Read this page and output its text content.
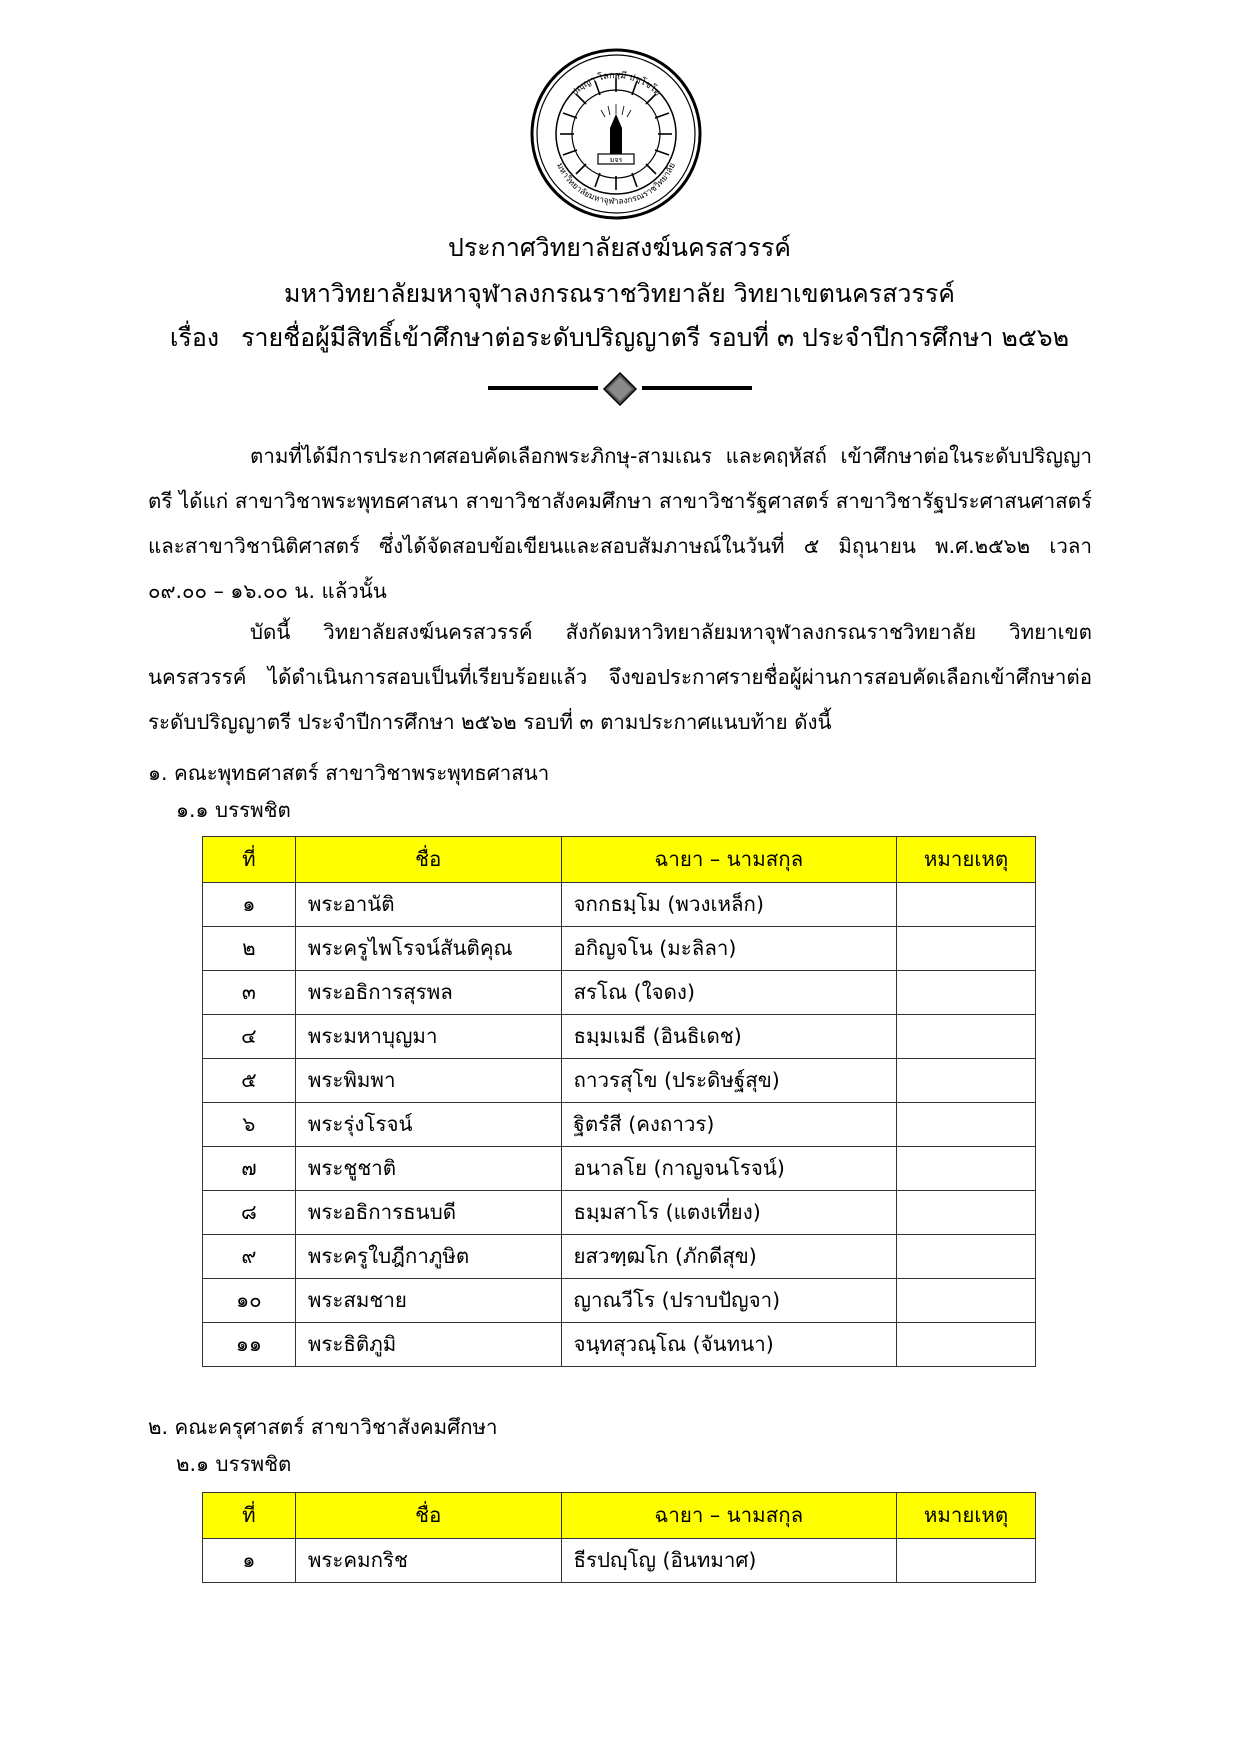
มจร
ปญฺญา โลกสฺมึ ปชฺโชโต
มหาวิทยาลัยมหาจุฬาลงกรณราชวิทยาลัย
ประกาศวิทยาลัยสงฆ์นครสวรรค์
มหาวิทยาลัยมหาจุฬาลงกรณราชวิทยาลัย วิทยาเขตนครสวรรค์
เรื่อง รายชื่อผู้มีสิทธิ์เข้าศึกษาต่อระดับปริญญาตรี รอบที่ ๓ ประจำปีการศึกษา ๒๕๖๒
ตามที่ได้มีการประกาศสอบคัดเลือกพระภิกษุ-สามเณร และคฤหัสถ์ เข้าศึกษาต่อในระดับปริญญาตรี ได้แก่ สาขาวิชาพระพุทธศาสนา สาขาวิชาสังคมศึกษา สาขาวิชารัฐศาสตร์ สาขาวิชารัฐประศาสนศาสตร์ และสาขาวิชานิติศาสตร์ ซึ่งได้จัดสอบข้อเขียนและสอบสัมภาษณ์ในวันที่ ๕ มิถุนายน พ.ศ.๒๕๖๒ เวลา ๐๙.๐๐ – ๑๖.๐๐ น. แล้วนั้น
บัดนี้ วิทยาลัยสงฆ์นครสวรรค์ สังกัดมหาวิทยาลัยมหาจุฬาลงกรณราชวิทยาลัย วิทยาเขตนครสวรรค์ ได้ดำเนินการสอบเป็นที่เรียบร้อยแล้ว จึงขอประกาศรายชื่อผู้ผ่านการสอบคัดเลือกเข้าศึกษาต่อระดับปริญญาตรี ประจำปีการศึกษา ๒๕๖๒ รอบที่ ๓ ตามประกาศแนบท้าย ดังนี้
๑. คณะพุทธศาสตร์ สาขาวิชาพระพุทธศาสนา
๑.๑ บรรพชิต
ที่	ชื่อ	ฉายา – นามสกุล	หมายเหตุ
๑	พระอานัติ	จกกธมฺโม (พวงเหล็ก)	
๒	พระครูไพโรจน์สันติคุณ	อกิญจโน (มะลิลา)	
๓	พระอธิการสุรพล	สรโณ (ใจดง)	
๔	พระมหาบุญมา	ธมฺมเมธี (อินธิเดช)	
๕	พระพิมพา	ถาวรสุโข (ประดิษฐ์สุข)	
๖	พระรุ่งโรจน์	ฐิตรํสี (คงถาวร)	
๗	พระชูชาติ	อนาลโย (กาญจนโรจน์)	
๘	พระอธิการธนบดี	ธมฺมสาโร (แตงเที่ยง)	
๙	พระครูใบฎีกาภูษิต	ยสวฑฺฒโก (ภักดีสุข)	
๑๐	พระสมชาย	ญาณวีโร (ปราบปัญจา)	
๑๑	พระธิติภูมิ	จนฺทสุวณฺโณ (จันทนา)	
๒. คณะครุศาสตร์ สาขาวิชาสังคมศึกษา
๒.๑ บรรพชิต
ที่	ชื่อ	ฉายา – นามสกุล	หมายเหตุ
๑	พระคมกริช	ธีรปญฺโญ (อินทมาศ)	
